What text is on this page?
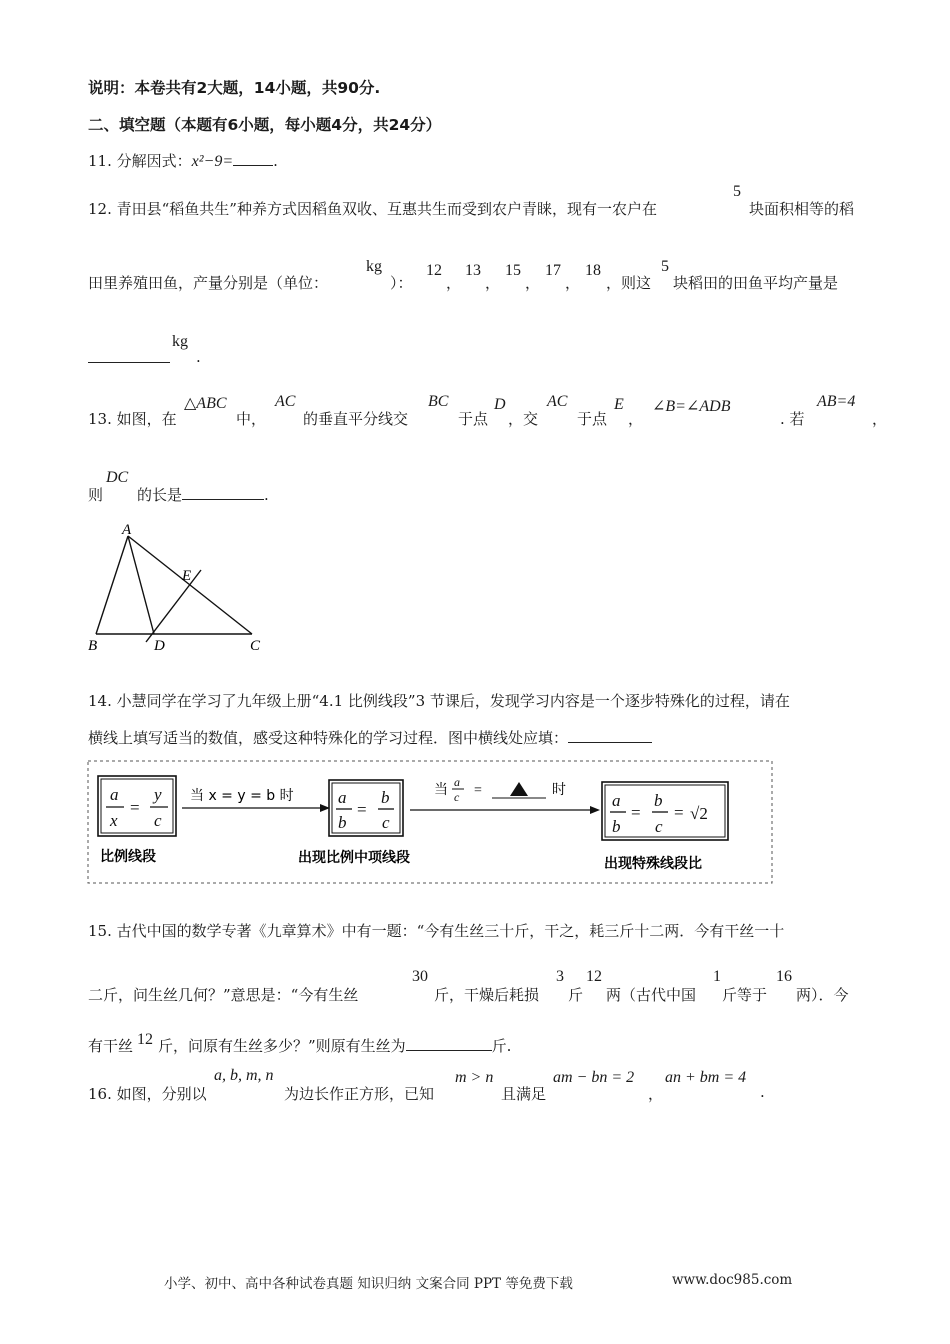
说明：本卷共有2大题，14小题，共90分.
二、填空题（本题有6小题，每小题4分，共24分）
11. 分解因式：x²−9=	.
12. 青田县“稻鱼共生”种养方式因稻鱼双收、互惠共生而受到农户青睐，现有一农户在
5
块面积相等的稻
田里养殖田鱼，产量分别是（单位：
kg
）：
12
，
13
，
15
，
17
，
18
，则这
5
块稻田的田鱼平均产量是
kg
.
13. 如图，在
△ABC
中，
AC
的垂直平分线交
BC
于点
D
，交
AC
于点
E
，
∠B=∠ADB
. 若
AB=4
，
则
DC
的长是	.
A
B	D	C
E
14. 小慧同学在学习了九年级上册“4.1 比例线段”3 节课后，发现学习内容是一个逐步特殊化的过程，请在
横线上填写适当的数值，感受这种特殊化的学习过程．图中横线处应填：
a
x
=
y
c
比例线段
当 x = y = b 时	a
b
=
b
c
出现比例中项线段
当 a
c =	时
a
b
=
b
c
= √2
出现特殊线段比
15. 古代中国的数学专著《九章算术》中有一题：“今有生丝三十斤，干之，耗三斤十二两．今有干丝一十
二斤，问生丝几何？”意思是：“今有生丝
30
斤，干燥后耗损
3
斤
12
两（古代中国
1
斤等于
16
两）．今
有干丝 12 斤，问原有生丝多少？”则原有生丝为	斤.
16. 如图，分别以
a, b, m, n
为边长作正方形，已知
m > n
且满足
am − bn = 2
，
an + bm = 4
.
小学、初中、高中各种试卷真题 知识归纳 文案合同 PPT 等免费下载	www.doc985.com
